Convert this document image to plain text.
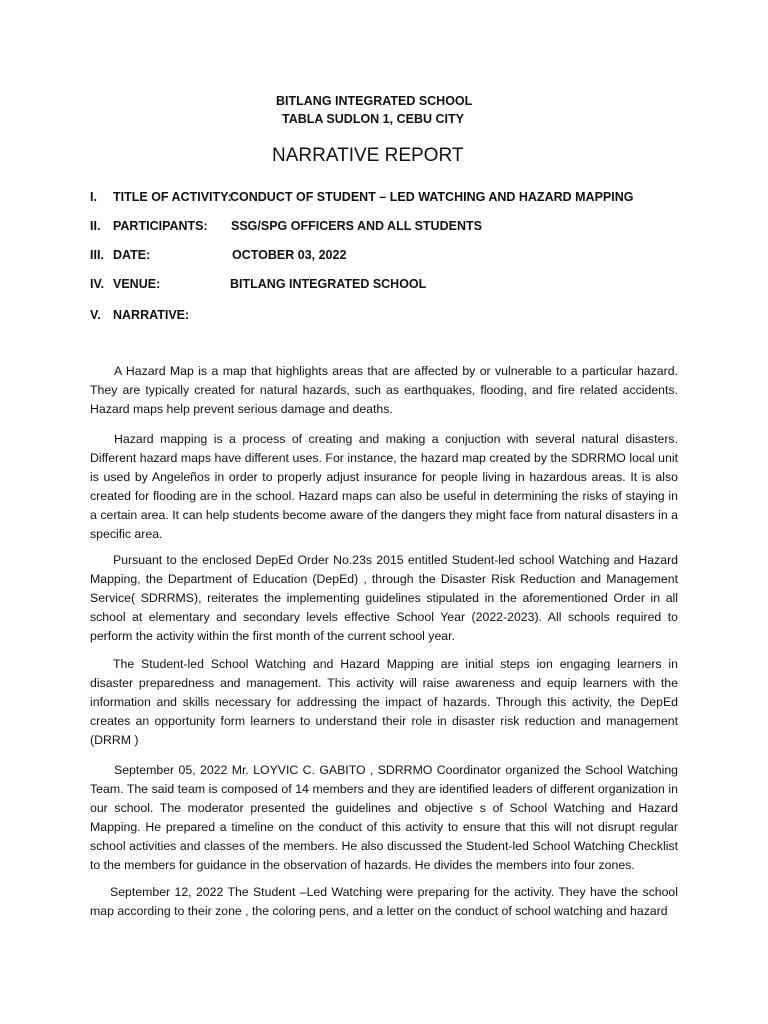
BITLANG INTEGRATED SCHOOL
TABLA SUDLON 1, CEBU CITY
NARRATIVE REPORT
I. TITLE OF ACTIVITY:
CONDUCT OF STUDENT – LED WATCHING AND HAZARD MAPPING
II. PARTICIPANTS: SSG/SPG OFFICERS AND ALL STUDENTS
III. DATE:	OCTOBER 03, 2022
IV. VENUE:	BITLANG INTEGRATED SCHOOL
V. NARRATIVE:

A Hazard Map is a map that highlights areas that are affected by or vulnerable to a particular hazard. They are typically created for natural hazards, such as earthquakes, flooding, and fire related accidents. Hazard maps help prevent serious damage and deaths.

Hazard mapping is a process of creating and making a conjuction with several natural disasters. Different hazard maps have different uses. For instance, the hazard map created by the SDRRMO local unit is used by Angeleños in order to properly adjust insurance for people living in hazardous areas. It is also created for flooding are in the school. Hazard maps can also be useful in determining the risks of staying in a certain area. It can help students become aware of the dangers they might face from natural disasters in a specific area.

Pursuant to the enclosed DepEd Order No.23s 2015 entitled Student-led school Watching and Hazard Mapping, the Department of Education (DepEd) , through the Disaster Risk Reduction and Management Service( SDRRMS), reiterates the implementing guidelines stipulated in the aforementioned Order in all school at elementary and secondary levels effective School Year (2022-2023). All schools required to perform the activity within the first month of the current school year.

The Student-led School Watching and Hazard Mapping are initial steps ion engaging learners in disaster preparedness and management. This activity will raise awareness and equip learners with the information and skills necessary for addressing the impact of hazards. Through this activity, the DepEd creates an opportunity form learners to understand their role in disaster risk reduction and management (DRRM )

September 05, 2022 Mr. LOYVIC C. GABITO , SDRRMO Coordinator organized the School Watching Team. The said team is composed of 14 members and they are identified leaders of different organization in our school. The moderator presented the guidelines and objective s of School Watching and Hazard Mapping. He prepared a timeline on the conduct of this activity to ensure that this will not disrupt regular school activities and classes of the members. He also discussed the Student-led School Watching Checklist to the members for guidance in the observation of hazards. He divides the members into four zones.

September 12, 2022 The Student –Led Watching were preparing for the activity. They have the school map according to their zone , the coloring pens, and a letter on the conduct of school watching and hazard
